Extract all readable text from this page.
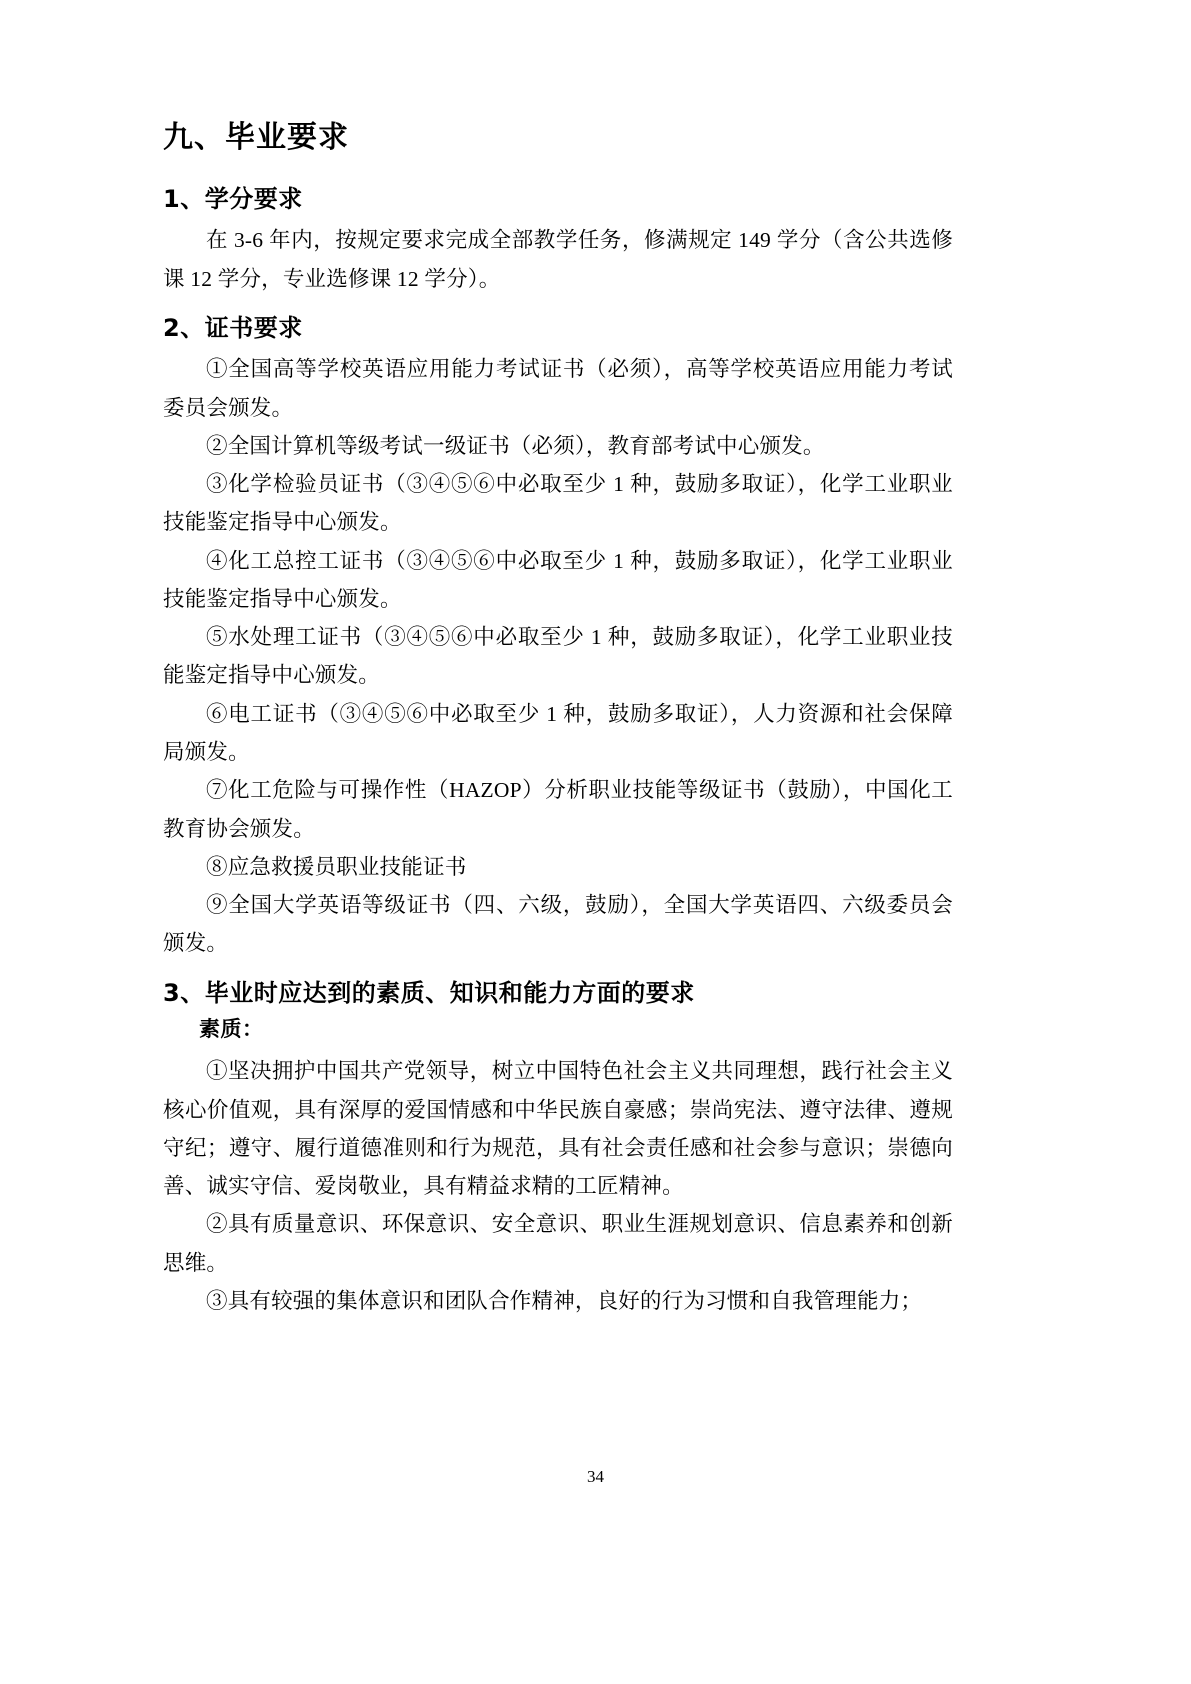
九、毕业要求
1、学分要求

在 3-6 年内，按规定要求完成全部教学任务，修满规定 149 学分（含公共选修课 12 学分，专业选修课 12 学分）。

2、证书要求

①全国高等学校英语应用能力考试证书（必须），高等学校英语应用能力考试委员会颁发。

②全国计算机等级考试一级证书（必须），教育部考试中心颁发。

③化学检验员证书（③④⑤⑥中必取至少 1 种，鼓励多取证），化学工业职业技能鉴定指导中心颁发。

④化工总控工证书（③④⑤⑥中必取至少 1 种，鼓励多取证），化学工业职业技能鉴定指导中心颁发。

⑤水处理工证书（③④⑤⑥中必取至少 1 种，鼓励多取证），化学工业职业技能鉴定指导中心颁发。

⑥电工证书（③④⑤⑥中必取至少 1 种，鼓励多取证），人力资源和社会保障局颁发。

⑦化工危险与可操作性（HAZOP）分析职业技能等级证书（鼓励），中国化工教育协会颁发。

⑧应急救援员职业技能证书

⑨全国大学英语等级证书（四、六级，鼓励），全国大学英语四、六级委员会颁发。

3、毕业时应达到的素质、知识和能力方面的要求
素质：

①坚决拥护中国共产党领导，树立中国特色社会主义共同理想，践行社会主义核心价值观，具有深厚的爱国情感和中华民族自豪感；崇尚宪法、遵守法律、遵规守纪；遵守、履行道德准则和行为规范，具有社会责任感和社会参与意识；崇德向善、诚实守信、爱岗敬业，具有精益求精的工匠精神。

②具有质量意识、环保意识、安全意识、职业生涯规划意识、信息素养和创新思维。

③具有较强的集体意识和团队合作精神，良好的行为习惯和自我管理能力；

34
